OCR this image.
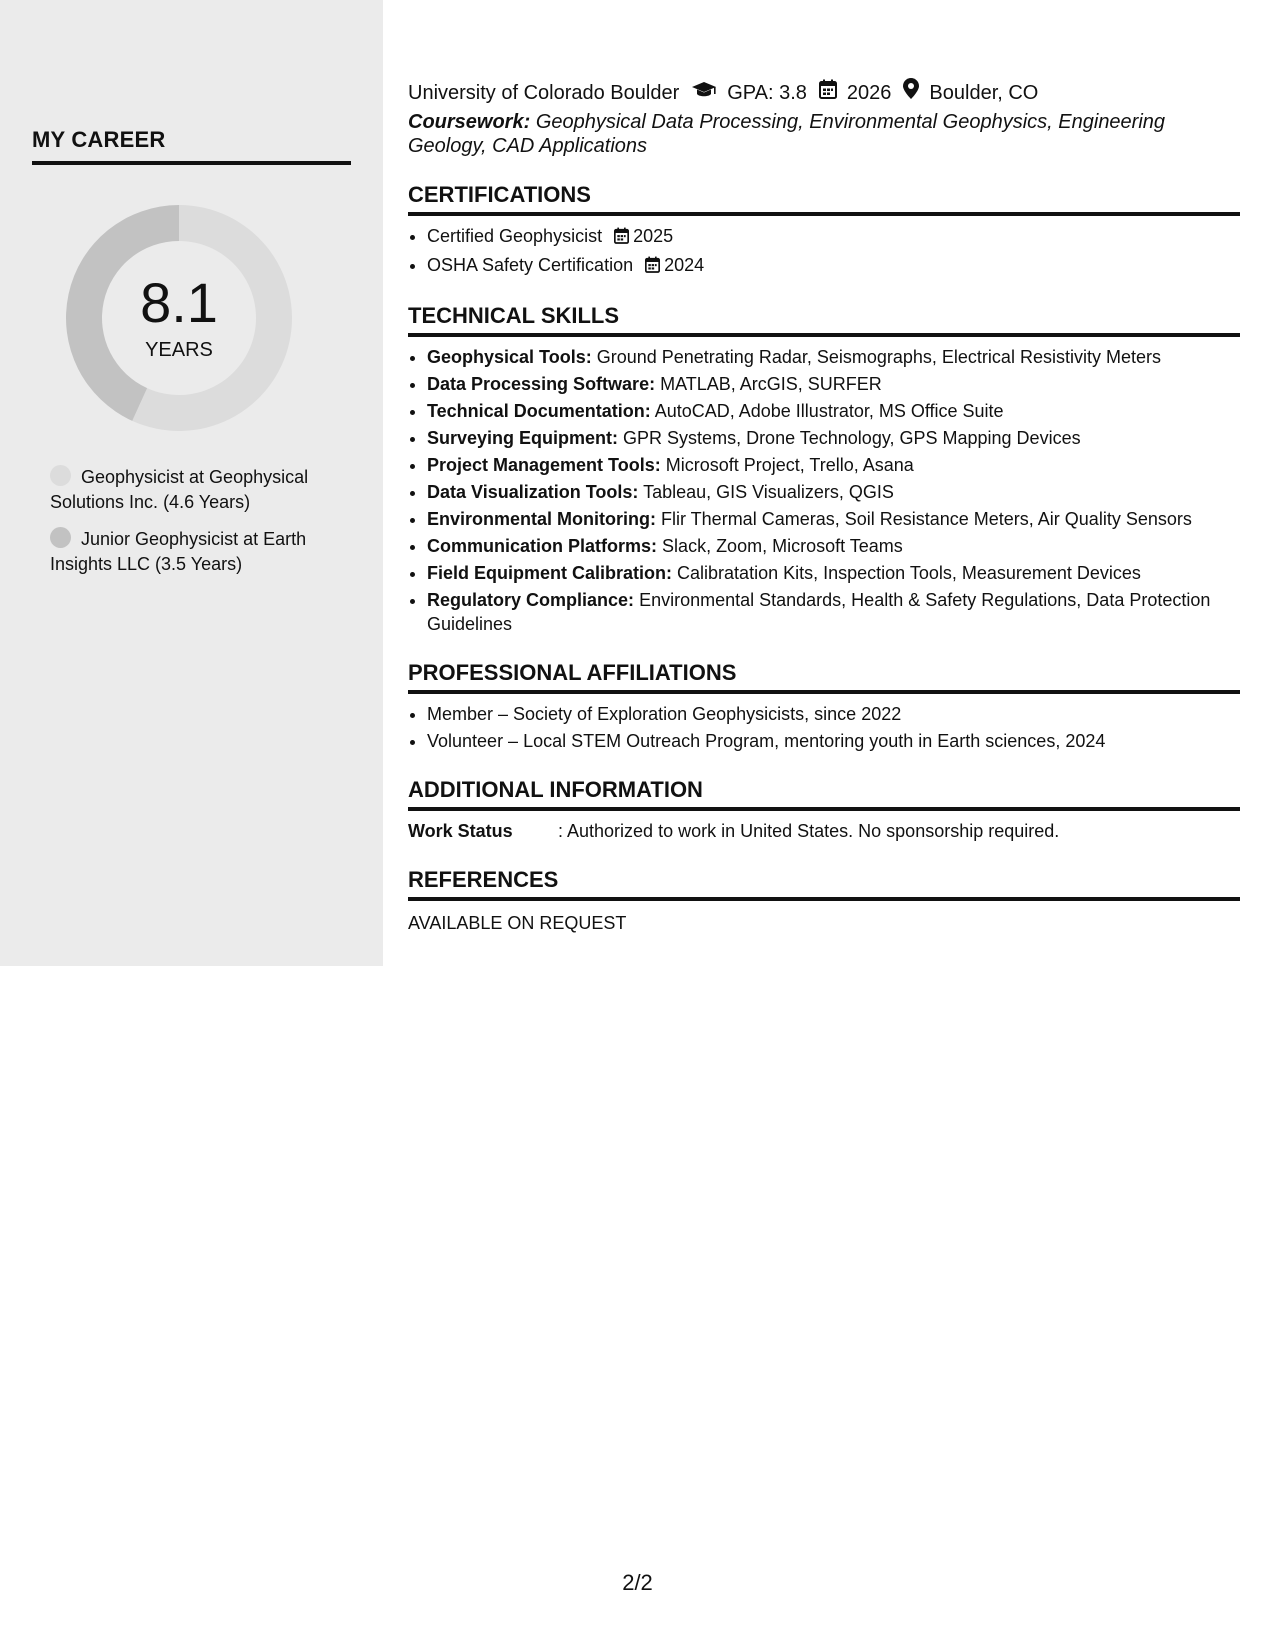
MY CAREER
8.1
YEARS
Geophysicist at Geophysical Solutions Inc. (4.6 Years)
Junior Geophysicist at Earth Insights LLC (3.5 Years)
University of Colorado Boulder GPA: 3.8 2026 Boulder, CO
Coursework: Geophysical Data Processing, Environmental Geophysics, Engineering Geology, CAD Applications
CERTIFICATIONS
• Certified Geophysicist 2025
• OSHA Safety Certification 2024
TECHNICAL SKILLS
• Geophysical Tools: Ground Penetrating Radar, Seismographs, Electrical Resistivity Meters
• Data Processing Software: MATLAB, ArcGIS, SURFER
• Technical Documentation: AutoCAD, Adobe Illustrator, MS Office Suite
• Surveying Equipment: GPR Systems, Drone Technology, GPS Mapping Devices
• Project Management Tools: Microsoft Project, Trello, Asana
• Data Visualization Tools: Tableau, GIS Visualizers, QGIS
• Environmental Monitoring: Flir Thermal Cameras, Soil Resistance Meters, Air Quality Sensors
• Communication Platforms: Slack, Zoom, Microsoft Teams
• Field Equipment Calibration: Calibratation Kits, Inspection Tools, Measurement Devices
• Regulatory Compliance: Environmental Standards, Health & Safety Regulations, Data Protection Guidelines
PROFESSIONAL AFFILIATIONS
• Member – Society of Exploration Geophysicists, since 2022
• Volunteer – Local STEM Outreach Program, mentoring youth in Earth sciences, 2024
ADDITIONAL INFORMATION
Work Status	: Authorized to work in United States. No sponsorship required.
REFERENCES
AVAILABLE ON REQUEST
2/2
